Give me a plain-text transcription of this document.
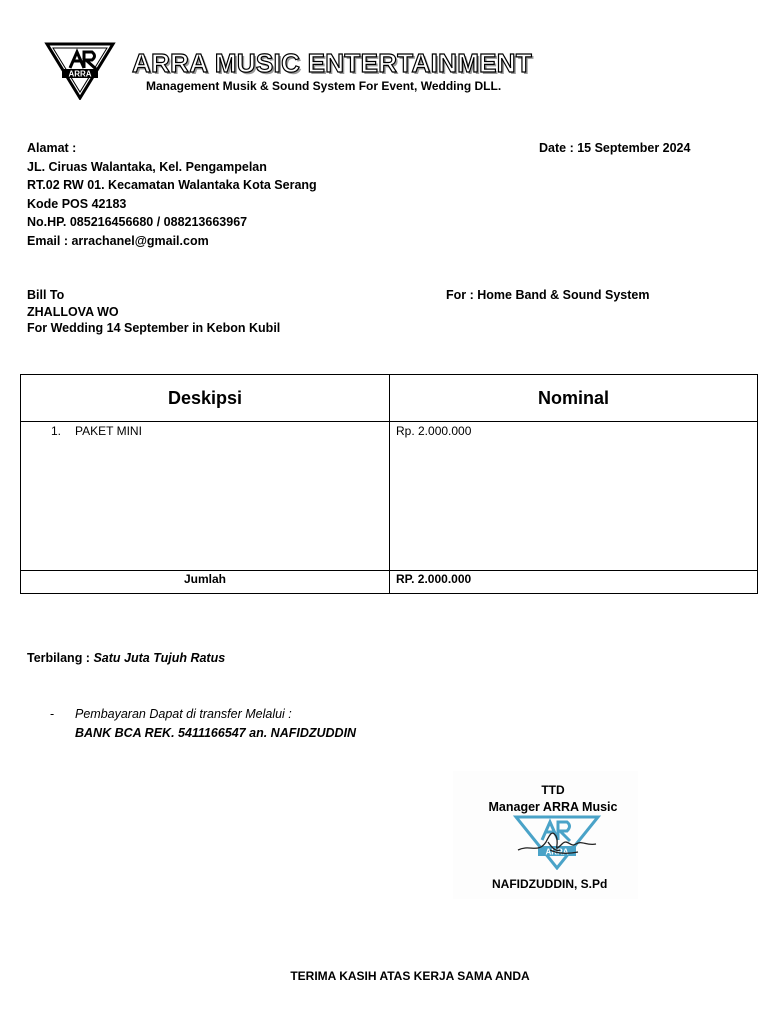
ARRA ARRA MUSIC ENTERTAINMENT
Management Musik & Sound System For Event, Wedding DLL.
Alamat :
JL. Ciruas Walantaka, Kel. Pengampelan
RT.02 RW 01. Kecamatan Walantaka Kota Serang
Kode POS 42183
No.HP. 085216456680 / 088213663967
Email : arrachanel@gmail.com
Date : 15 September 2024
Bill To
ZHALLOVA WO
For Wedding 14 September in Kebon Kubil
For : Home Band & Sound System
Deskipsi	Nominal
1. PAKET MINI	Rp. 2.000.000
Jumlah	RP. 2.000.000
Terbilang : Satu Juta Tujuh Ratus
- Pembayaran Dapat di transfer Melalui :
BANK BCA REK. 5411166547 an. NAFIDZUDDIN
TTD
Manager ARRA Music
ARRA
NAFIDZUDDIN, S.Pd
TERIMA KASIH ATAS KERJA SAMA ANDA
